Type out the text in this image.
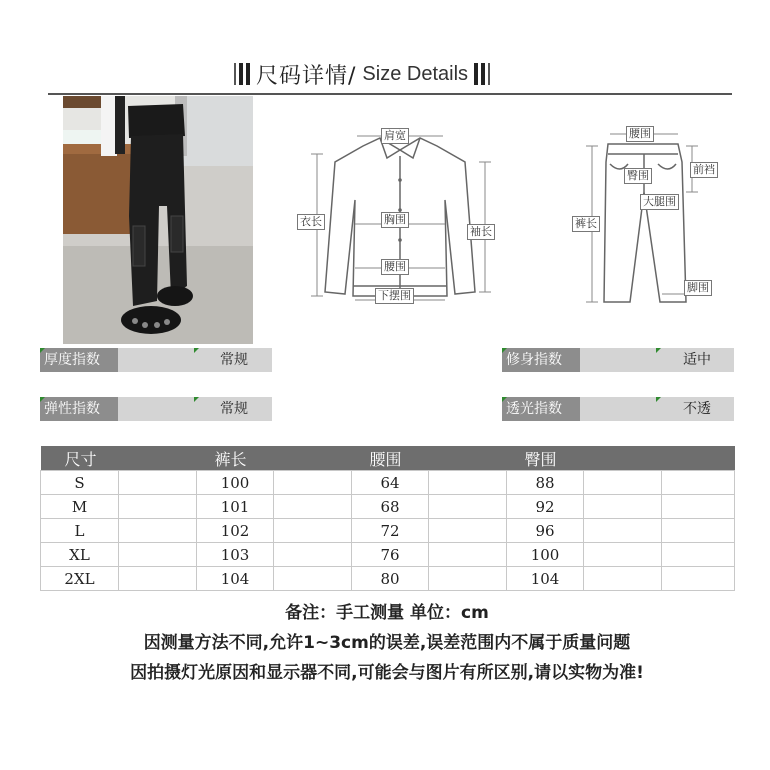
尺码详情/ Size Details
肩宽
胸围
衣长
袖长
腰围
下摆围
腰围
臀围	前裆
大腿围
裤长
脚围
厚度指数	常规	修身指数	适中
弹性指数	常规	透光指数	不透
尺寸		裤长		腰围		臀围		
S		100		64		88		
M		101		68		92		
L		102		72		96		
XL		103		76		100		
2XL		104		80		104		
备注：手工测量 单位：cm
因测量方法不同,允许1~3cm的误差,误差范围内不属于质量问题
因拍摄灯光原因和显示器不同,可能会与图片有所区别,请以实物为准!
